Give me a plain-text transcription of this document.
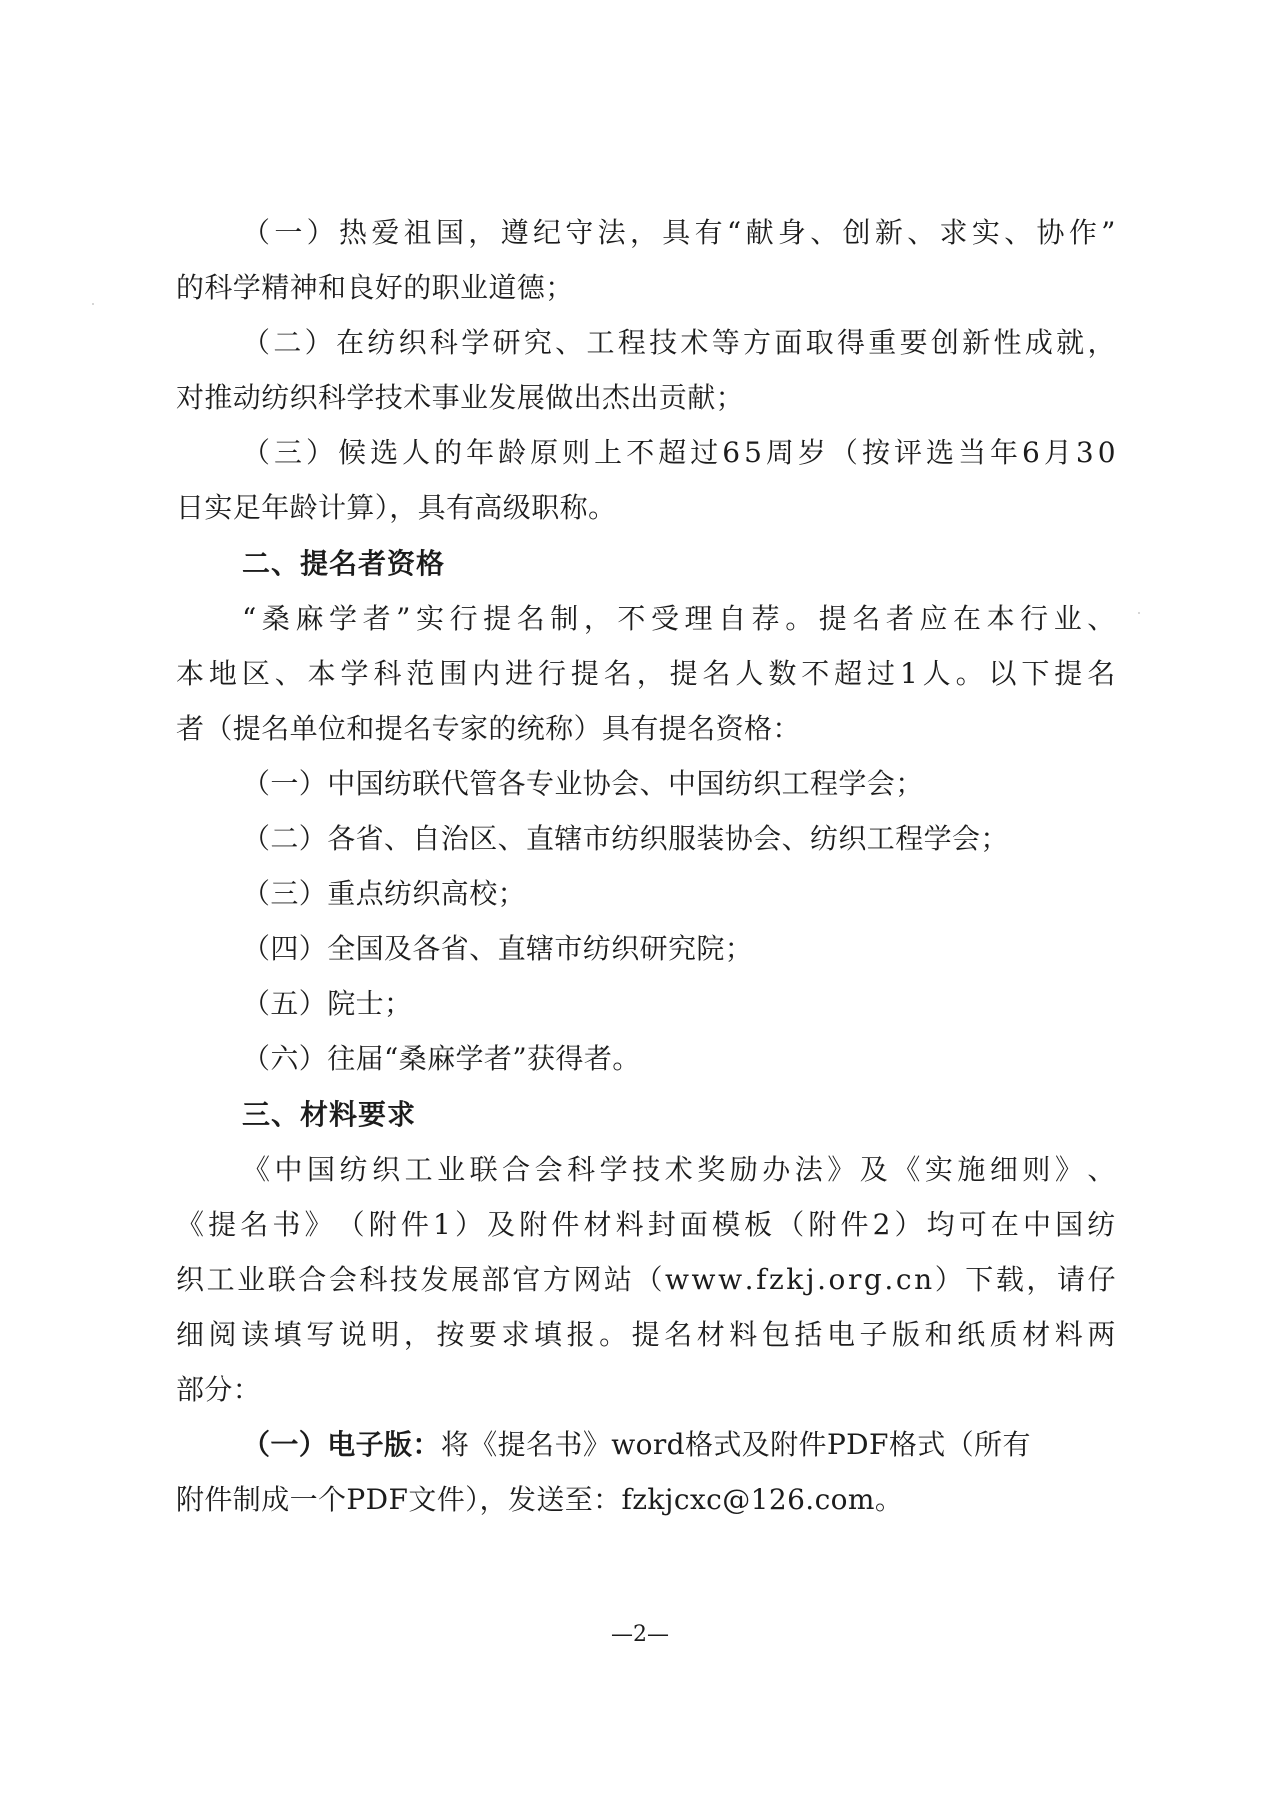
（ 一 ） 热 爱 祖 国 ， 遵 纪 守 法 ， 具 有 “ 献 身 、 创 新 、 求 实 、 协 作 ”
的科学精神和良好的职业道德；
（ 二 ） 在 纺 织 科 学 研 究 、 工 程 技 术 等 方 面 取 得 重 要 创 新 性 成 就 ，
对推动纺织科学技术事业发展做出杰出贡献；
（ 三 ） 候 选 人 的 年 龄 原 则 上 不 超 过 6 5 周 岁 （ 按 评 选 当 年 6 月 3 0
日实足年龄计算），具有高级职称。
二、提名者资格
“ 桑 麻 学 者 ” 实 行 提 名 制 ， 不 受 理 自 荐 。 提 名 者 应 在 本 行 业 、
本 地 区 、 本 学 科 范 围 内 进 行 提 名 ， 提 名 人 数 不 超 过 1 人 。 以 下 提 名
者（提名单位和提名专家的统称）具有提名资格：
（一）中国纺联代管各专业协会、中国纺织工程学会；
（二）各省、自治区、直辖市纺织服装协会、纺织工程学会；
（三）重点纺织高校；
（四）全国及各省、直辖市纺织研究院；
（五）院士；
（六）往届“桑麻学者”获得者。
三、材料要求
《 中 国 纺 织 工 业 联 合 会 科 学 技 术 奖 励 办 法 》 及 《 实 施 细 则 》 、
《 提 名 书 》 （ 附 件 1 ） 及 附 件 材 料 封 面 模 板 （ 附 件 2 ） 均 可 在 中 国 纺
织 工 业 联 合 会 科 技 发 展 部 官 方 网 站 （ w w w . f z k j . o r g . c n ） 下 载 ， 请 仔
细 阅 读 填 写 说 明 ， 按 要 求 填 报 。 提 名 材 料 包 括 电 子 版 和 纸 质 材 料 两
部分：
（一）电子版：将《提名书》word格式及附件PDF格式（所有
附件制成一个PDF文件），发送至：fzkjcxc@126.com。
—2—
